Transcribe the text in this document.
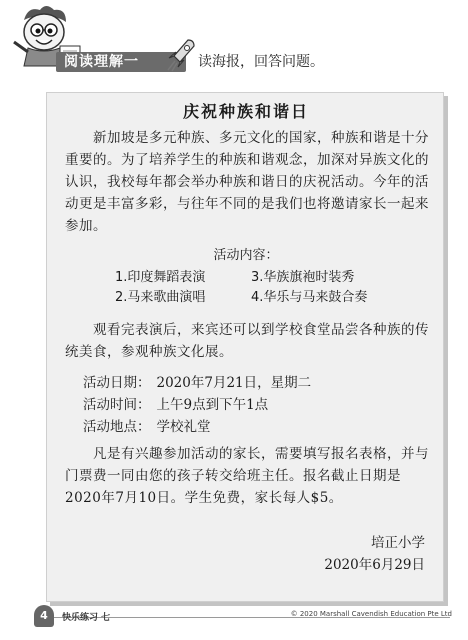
阅读理解一	读海报，回答问题。
庆祝种族和谐日

新加坡是多元种族、多元文化的国家，种族和谐是十分重要的。为了培养学生的种族和谐观念，加深对异族文化的认识，我校每年都会举办种族和谐日的庆祝活动。今年的活动更是丰富多彩，与往年不同的是我们也将邀请家长一起来参加。

活动内容：
1.印度舞蹈表演
2.马来歌曲演唱
3.华族旗袍时装秀
4.华乐与马来鼓合奏

观看完表演后，来宾还可以到学校食堂品尝各种族的传统美食，参观种族文化展。

活动日期： 2020年7月21日，星期二
活动时间： 上午9点到下午1点
活动地点： 学校礼堂

凡是有兴趣参加活动的家长，需要填写报名表格，并与门票费一同由您的孩子转交给班主任。报名截止日期是2020年7月10日。学生免费，家长每人$5。

培正小学
2020年6月29日
4	快乐练习 七	© 2020 Marshall Cavendish Education Pte Ltd
